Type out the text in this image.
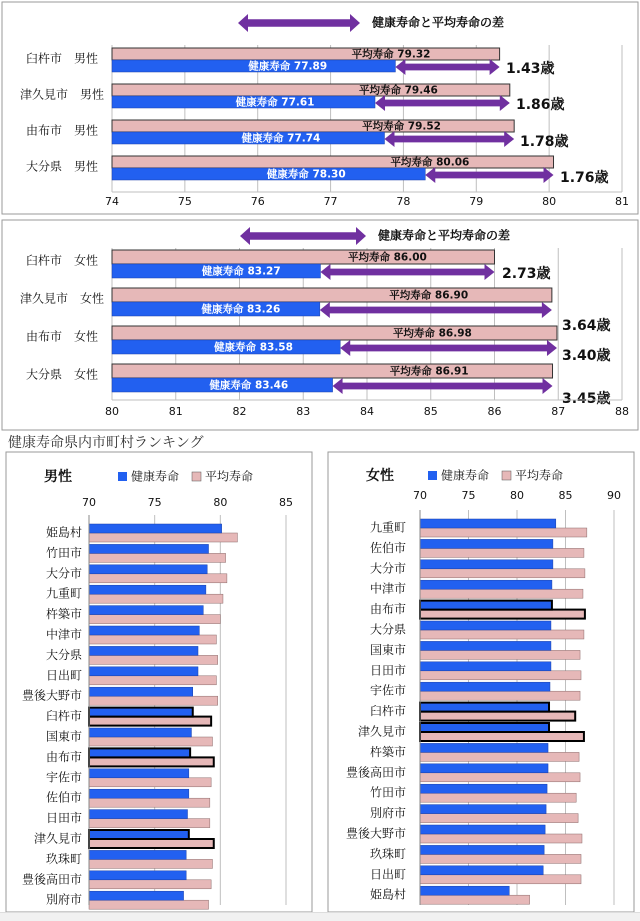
74	75	76	77	78	79	80	81
健康寿命と平均寿命の差
臼杵市　男性	平均寿命 79.32
健康寿命 77.89	1.43歳
津久見市　男性	平均寿命 79.46
健康寿命 77.61	1.86歳
由布市　男性	平均寿命 79.52
健康寿命 77.74	1.78歳
大分県　男性	平均寿命 80.06
健康寿命 78.30	1.76歳
80	81	82	83	84	85	86	87	88
健康寿命と平均寿命の差
臼杵市　女性	平均寿命 86.00
健康寿命 83.27	2.73歳
津久見市　女性	平均寿命 86.90
健康寿命 83.26
3.64歳
由布市　女性	平均寿命 86.98
健康寿命 83.58
3.40歳
大分県　女性	平均寿命 86.91
健康寿命 83.46
3.45歳
男性	健康寿命 平均寿命
70	75	80	85
姫島村
竹田市
大分市
九重町
杵築市
中津市
大分県
日出町
豊後大野市
臼杵市
国東市
由布市
宇佐市
佐伯市
日田市
津久見市
玖珠町
豊後高田市
別府市
女性	健康寿命 平均寿命
70	75	80	85	90
九重町
佐伯市
大分市
中津市
由布市
大分県
国東市
日田市
宇佐市
臼杵市
津久見市
杵築市
豊後高田市
竹田市
別府市
豊後大野市
玖珠町
日出町
姫島村
健康寿命県内市町村ランキング
